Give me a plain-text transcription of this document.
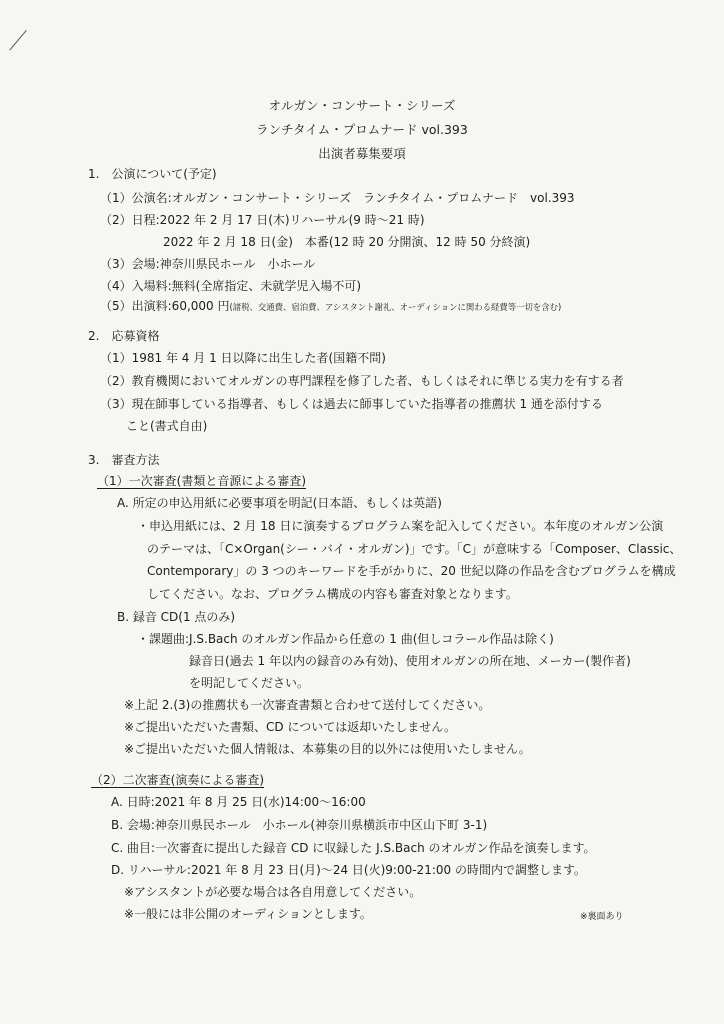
オルガン・コンサート・シリーズ
ランチタイム・プロムナード vol.393
出演者募集要項
1.　公演について(予定)
（1）公演名:オルガン・コンサート・シリーズ　ランチタイム・プロムナード　vol.393
（2）日程:2022 年 2 月 17 日(木)リハーサル(9 時～21 時)
2022 年 2 月 18 日(金)　本番(12 時 20 分開演、12 時 50 分終演)
（3）会場:神奈川県民ホール　小ホール
（4）入場料:無料(全席指定、未就学児入場不可)
（5）出演料:60,000 円(諸税、交通費、宿泊費、アシスタント謝礼、オーディションに関わる経費等一切を含む)
2.　応募資格
（1）1981 年 4 月 1 日以降に出生した者(国籍不問)
（2）教育機関においてオルガンの専門課程を修了した者、もしくはそれに準じる実力を有する者
（3）現在師事している指導者、もしくは過去に師事していた指導者の推薦状 1 通を添付する
こと(書式自由)
3.　審査方法
（1）一次審査(書類と音源による審査)
A. 所定の申込用紙に必要事項を明記(日本語、もしくは英語)
・申込用紙には、2 月 18 日に演奏するプログラム案を記入してください。本年度のオルガン公演
のテーマは、「C×Organ(シー・バイ・オルガン)」です。「C」が意味する「Composer、Classic、
Contemporary」の 3 つのキーワードを手がかりに、20 世紀以降の作品を含むプログラムを構成
してください。なお、プログラム構成の内容も審査対象となります。
B. 録音 CD(1 点のみ)
・課題曲:J.S.Bach のオルガン作品から任意の 1 曲(但しコラール作品は除く)
録音日(過去 1 年以内の録音のみ有効)、使用オルガンの所在地、メーカー(製作者)
を明記してください。
※上記 2.(3)の推薦状も一次審査書類と合わせて送付してください。
※ご提出いただいた書類、CD については返却いたしません。
※ご提出いただいた個人情報は、本募集の目的以外には使用いたしません。
（2）二次審査(演奏による審査)
A. 日時:2021 年 8 月 25 日(水)14:00～16:00
B. 会場:神奈川県民ホール　小ホール(神奈川県横浜市中区山下町 3-1)
C. 曲目:一次審査に提出した録音 CD に収録した J.S.Bach のオルガン作品を演奏します。
D. リハーサル:2021 年 8 月 23 日(月)～24 日(火)9:00-21:00 の時間内で調整します。
※アシスタントが必要な場合は各自用意してください。
※一般には非公開のオーディションとします。	※裏面あり
